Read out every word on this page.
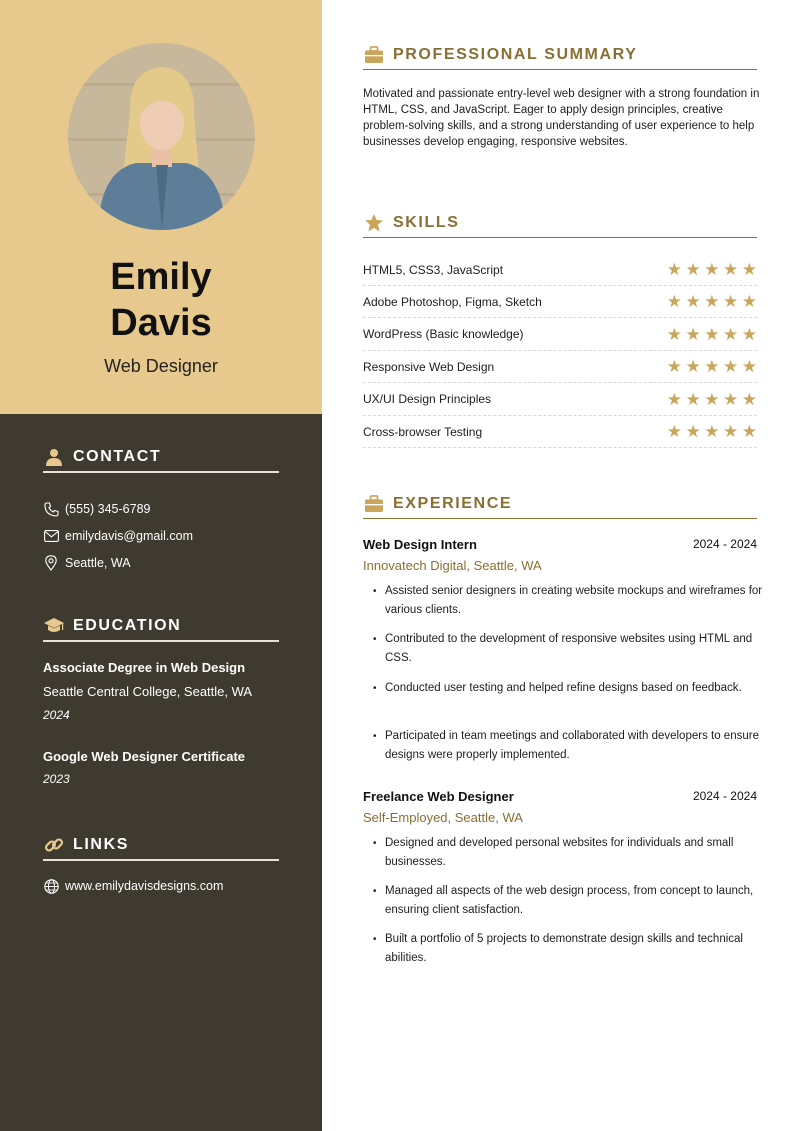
Emily
Davis
Web Designer
CONTACT
(555) 345-6789
emilydavis@gmail.com
Seattle, WA
EDUCATION
Associate Degree in Web Design
Seattle Central College, Seattle, WA
2024
Google Web Designer Certificate
2023
LINKS
www.emilydavisdesigns.com
PROFESSIONAL SUMMARY
Motivated and passionate entry-level web designer with a strong foundation in HTML, CSS, and JavaScript. Eager to apply design principles, creative problem-solving skills, and a strong understanding of user experience to help businesses develop engaging, responsive websites.
SKILLS
HTML5, CSS3, JavaScript	★ ★ ★ ★ ★
Adobe Photoshop, Figma, Sketch	★ ★ ★ ★ ★
WordPress (Basic knowledge)	★ ★ ★ ★ ★
Responsive Web Design	★ ★ ★ ★ ★
UX/UI Design Principles	★ ★ ★ ★ ★
Cross-browser Testing	★ ★ ★ ★ ★
EXPERIENCE
Web Design Intern	2024 - 2024
Innovatech Digital, Seattle, WA
• Assisted senior designers in creating website mockups and wireframes for various clients.
• Contributed to the development of responsive websites using HTML and CSS.
• Conducted user testing and helped refine designs based on feedback.
• Participated in team meetings and collaborated with developers to ensure designs were properly implemented.
Freelance Web Designer	2024 - 2024
Self-Employed, Seattle, WA
• Designed and developed personal websites for individuals and small businesses.
• Managed all aspects of the web design process, from concept to launch, ensuring client satisfaction.
• Built a portfolio of 5 projects to demonstrate design skills and technical abilities.
